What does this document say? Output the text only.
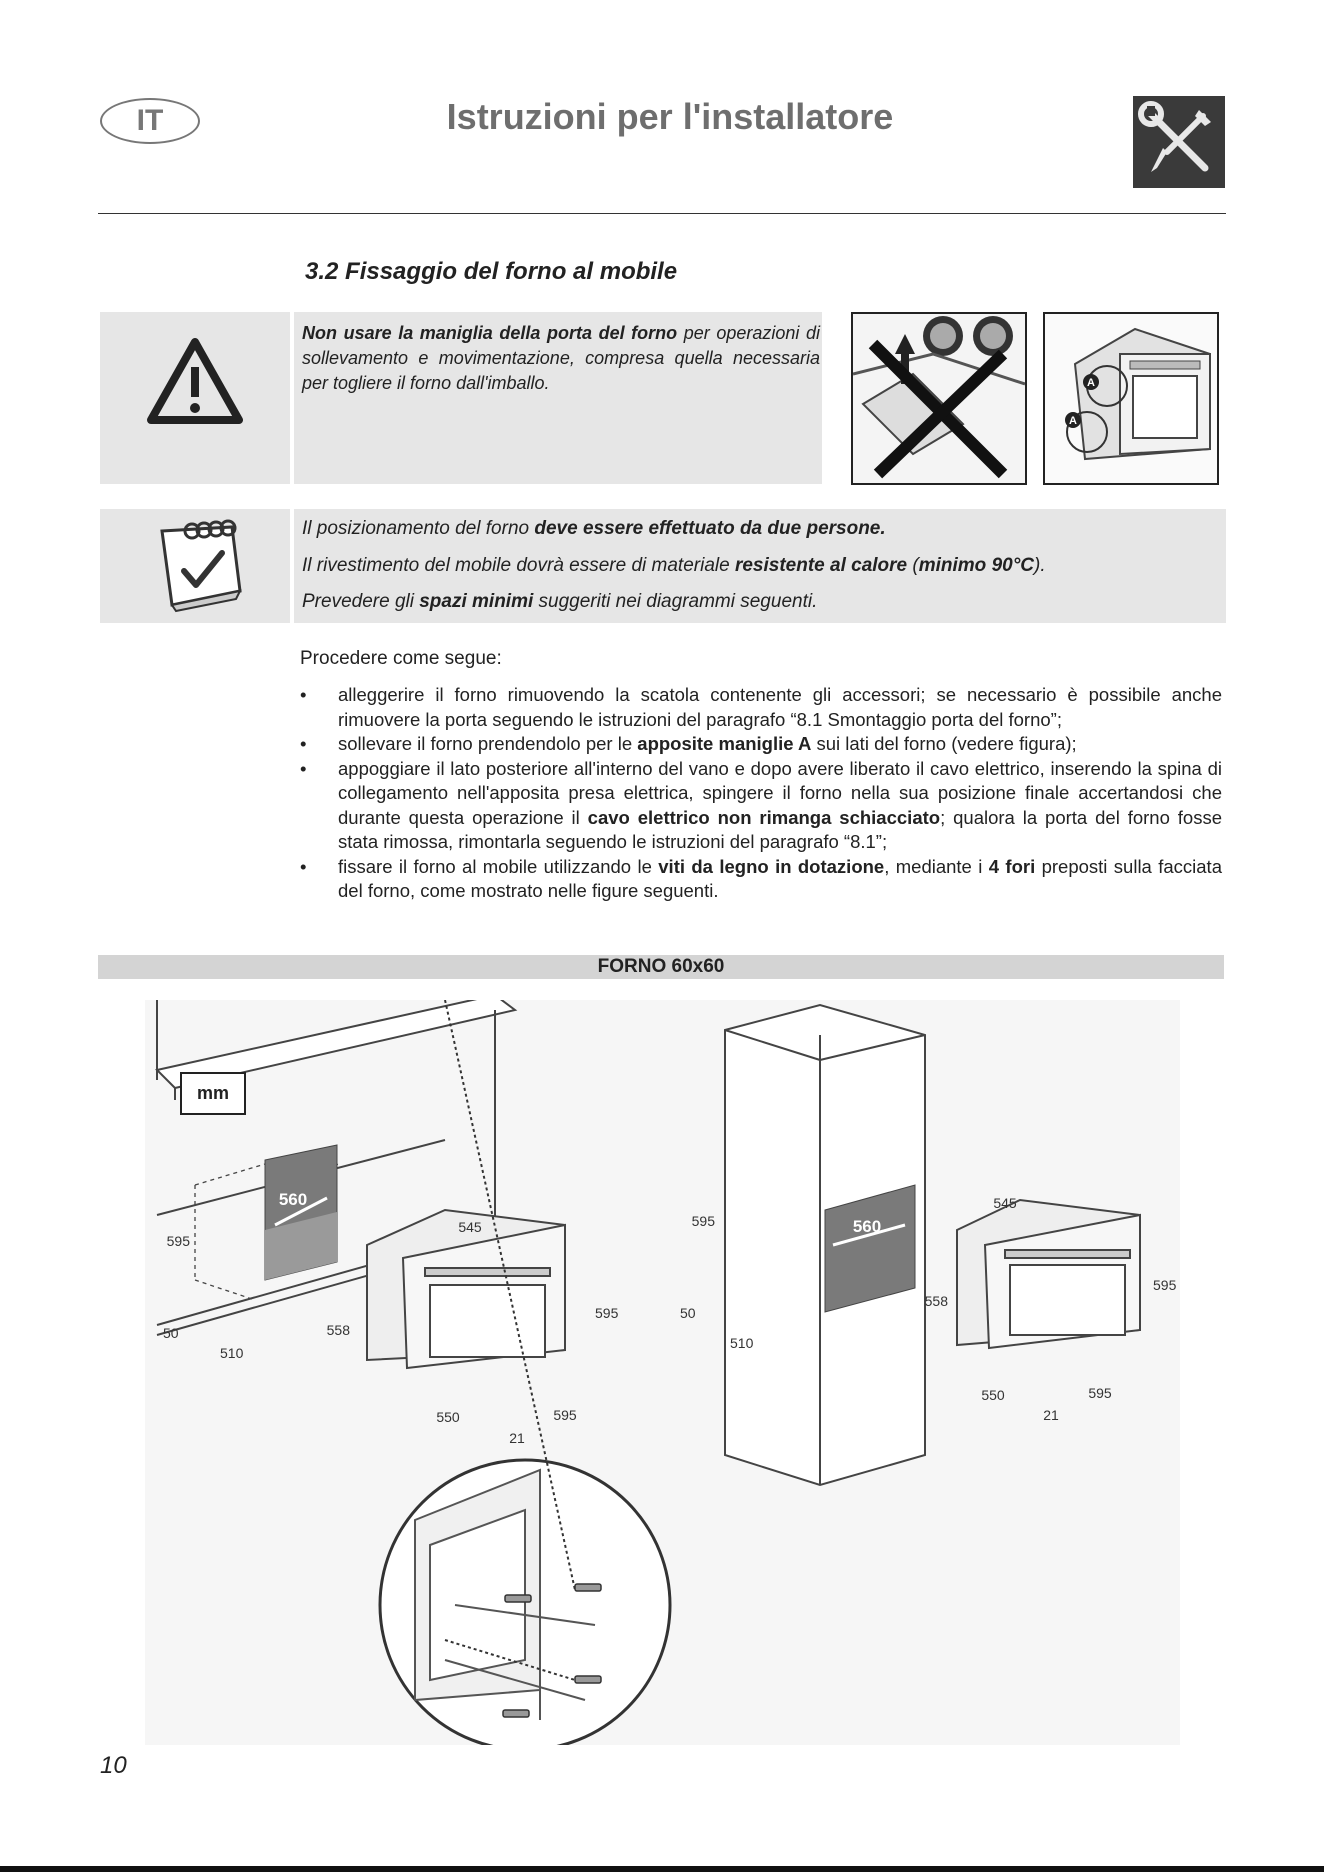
IT	Istruzioni per l'installatore
3.2 Fissaggio del forno al mobile
Non usare la maniglia della porta del forno per operazioni di sollevamento e movimentazione, compresa quella necessaria per togliere il forno dall'imballo.	A
A
Il posizionamento del forno deve essere effettuato da due persone.
Il rivestimento del mobile dovrà essere di materiale resistente al calore (minimo 90°C).
Prevedere gli spazi minimi suggeriti nei diagrammi seguenti.
Procedere come segue:
• alleggerire il forno rimuovendo la scatola contenente gli accessori; se necessario è possibile anche rimuovere la porta seguendo le istruzioni del paragrafo “8.1 Smontaggio porta del forno”;
• sollevare il forno prendendolo per le apposite maniglie A sui lati del forno (vedere figura);
• appoggiare il lato posteriore all'interno del vano e dopo avere liberato il cavo elettrico, inserendo la spina di collegamento nell'apposita presa elettrica, spingere il forno nella sua posizione finale accertandosi che durante questa operazione il cavo elettrico non rimanga schiacciato; qualora la porta del forno fosse stata rimossa, rimontarla seguendo le istruzioni del paragrafo “8.1”;
• fissare il forno al mobile utilizzando le viti da legno in dotazione, mediante i 4 fori preposti sulla facciata del forno, come mostrato nelle figure seguenti.
FORNO 60x60
560
595
50
510
545
595
558
550	595
21
560
595
50
510
545
595
558
550	595
21
mm
10
